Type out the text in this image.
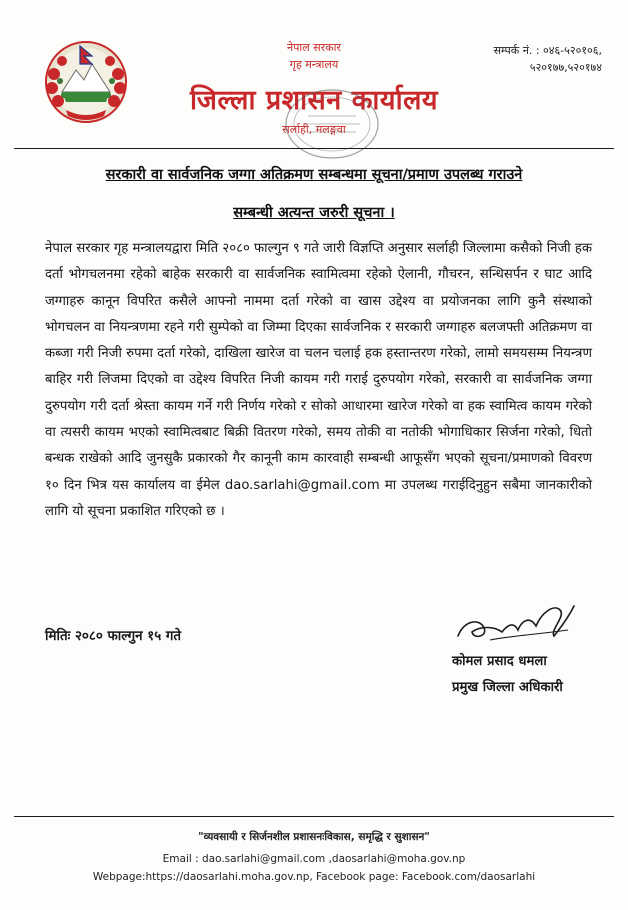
नेपाल सरकार
गृह मन्त्रालय
जिल्ला प्रशासन कार्यालय
सर्लाही, मलङ्गवा
सम्पर्क नं. : ०४६-५२०१०६,
५२०१७७,५२०१७४
सरकारी वा सार्वजनिक जग्गा अतिक्रमण सम्बन्धमा सूचना/प्रमाण उपलब्ध गराउने
सम्बन्धी अत्यन्त जरुरी सूचना ।
नेपाल सरकार गृह मन्त्रालयद्वारा मिति २०८० फाल्गुन ९ गते जारी विज्ञप्ति अनुसार सर्लाही जिल्लामा कसैको निजी हक दर्ता भोगचलनमा रहेको बाहेक सरकारी वा सार्वजनिक स्वामित्वमा रहेको ऐलानी, गौचरन, सन्धिसर्पन र घाट आदि जग्गाहरु कानून विपरित कसैले आफ्नो नाममा दर्ता गरेको वा खास उद्देश्य वा प्रयोजनका लागि कुनै संस्थाको भोगचलन वा नियन्त्रणमा रहने गरी सुम्पेको वा जिम्मा दिएका सार्वजनिक र सरकारी जग्गाहरु बलजफ्ती अतिक्रमण वा कब्जा गरी निजी रुपमा दर्ता गरेको, दाखिला खारेज वा चलन चलाई हक हस्तान्तरण गरेको, लामो समयसम्म नियन्त्रण बाहिर गरी लिजमा दिएको वा उद्देश्य विपरित निजी कायम गरी गराई दुरुपयोग गरेको, सरकारी वा सार्वजनिक जग्गा दुरुपयोग गरी दर्ता श्रेस्ता कायम गर्ने गरी निर्णय गरेको र सोको आधारमा खारेज गरेको वा हक स्वामित्व कायम गरेको वा त्यसरी कायम भएको स्वामित्वबाट बिक्री वितरण गरेको, समय तोकी वा नतोकी भोगाधिकार सिर्जना गरेको, धितो बन्धक राखेको आदि जुनसुकै प्रकारको गैर कानूनी काम कारवाही सम्बन्धी आफूसँग भएको सूचना/प्रमाणको विवरण १० दिन भित्र यस कार्यालय वा ईमेल dao.sarlahi@gmail.com मा उपलब्ध गराईदिनुहुन सबैमा जानकारीको लागि यो सूचना प्रकाशित गरिएको छ ।
मितिः २०८० फाल्गुन १५ गते
कोमल प्रसाद धमला
प्रमुख जिल्ला अधिकारी
"व्यवसायी र सिर्जनशील प्रशासनःविकास, समृद्धि र सुशासन"
Email : dao.sarlahi@gmail.com ,daosarlahi@moha.gov.np
Webpage:https://daosarlahi.moha.gov.np, Facebook page: Facebook.com/daosarlahi
